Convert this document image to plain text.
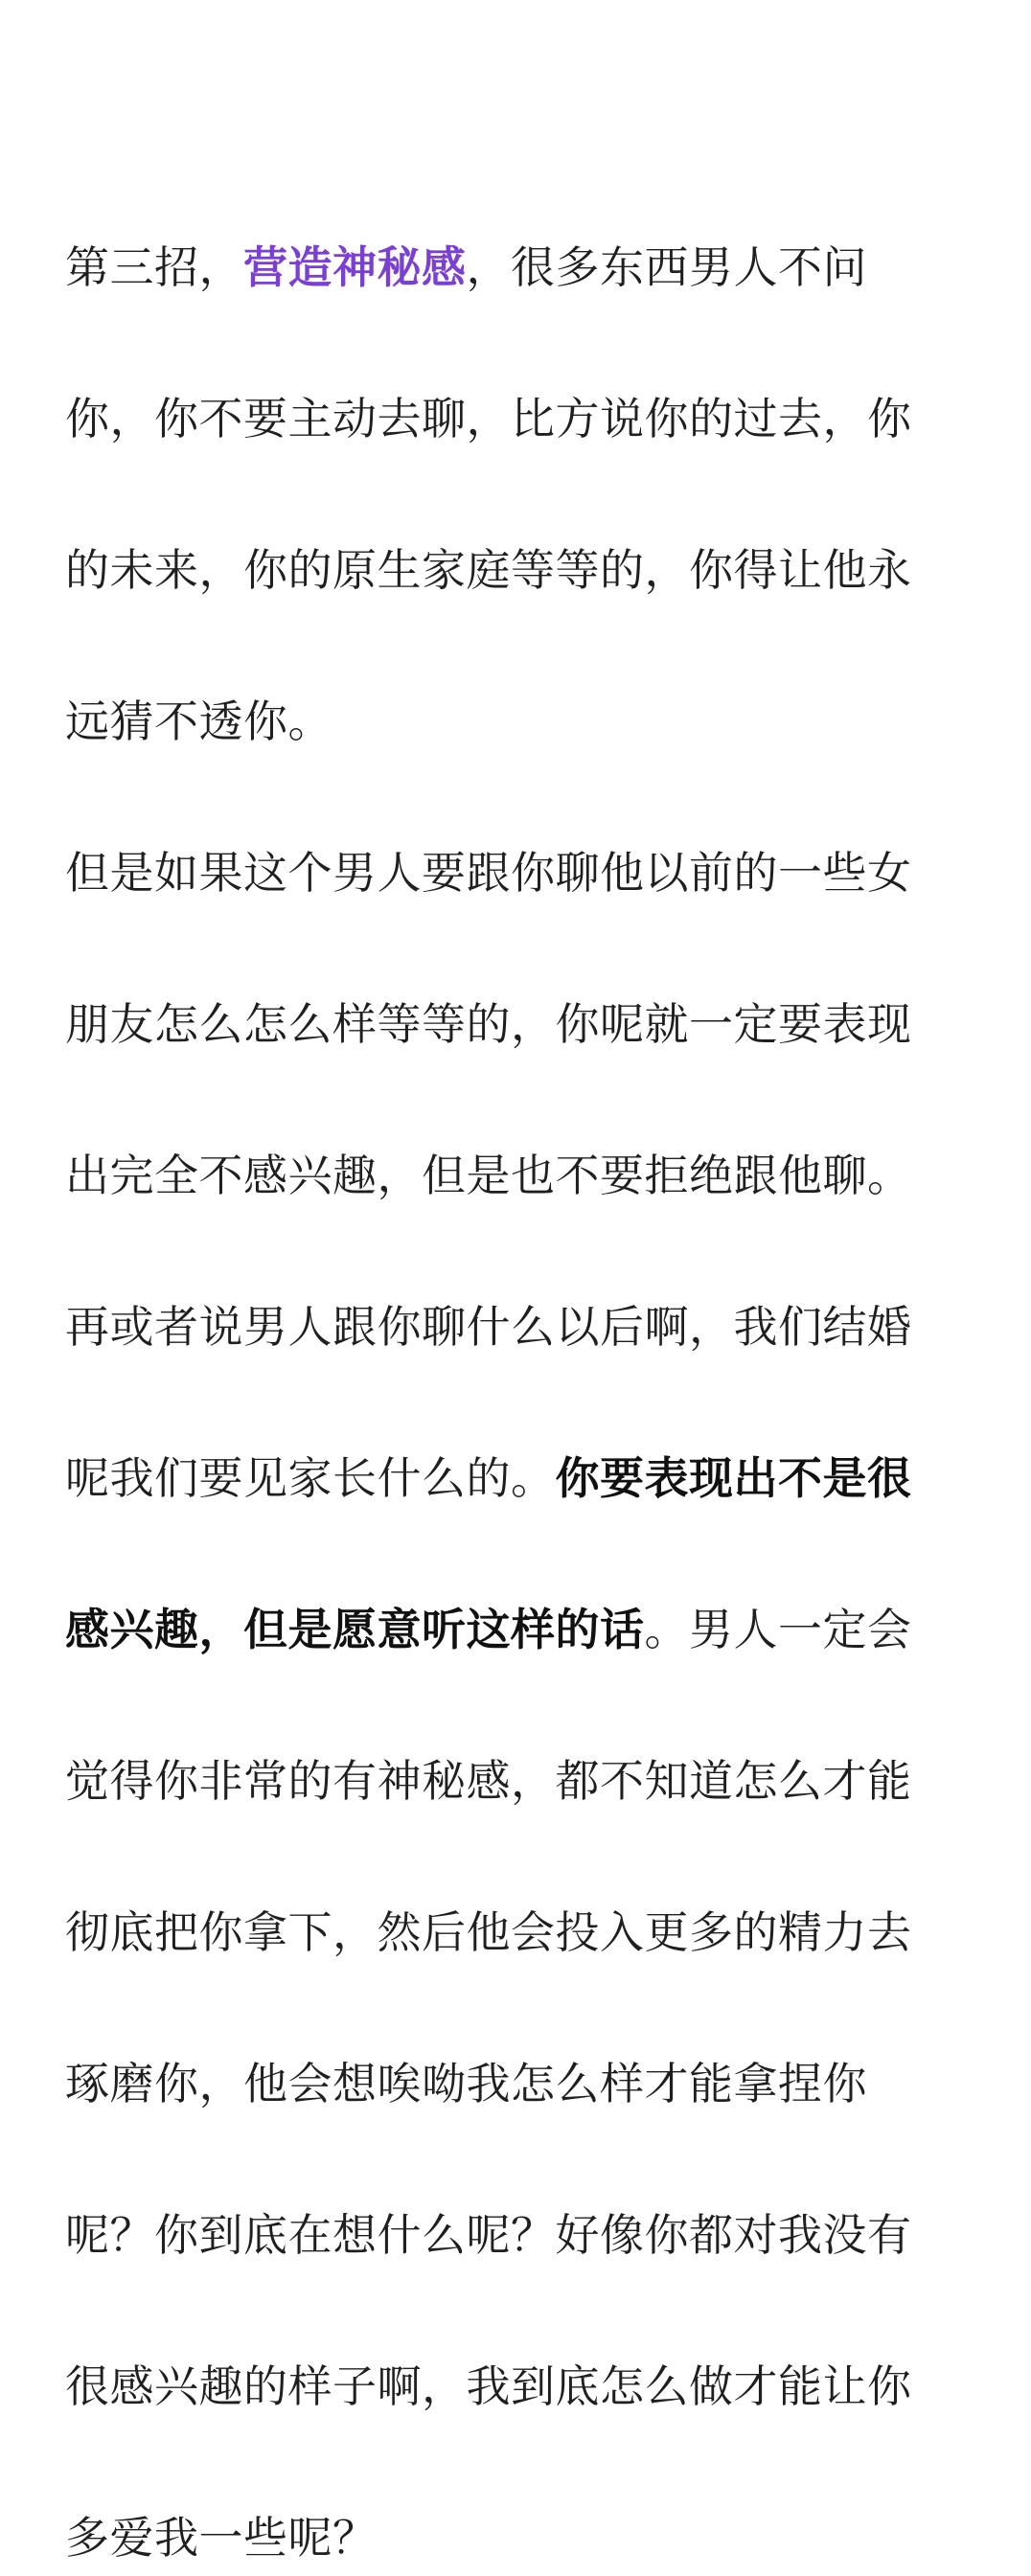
第三招，营造神秘感，很多东西男人不问

你，你不要主动去聊，比方说你的过去，你

的未来，你的原生家庭等等的，你得让他永

远猜不透你。

但是如果这个男人要跟你聊他以前的一些女

朋友怎么怎么样等等的，你呢就一定要表现

出完全不感兴趣，但是也不要拒绝跟他聊。

再或者说男人跟你聊什么以后啊，我们结婚

呢我们要见家长什么的。你要表现出不是很

感兴趣，但是愿意听这样的话。男人一定会

觉得你非常的有神秘感，都不知道怎么才能

彻底把你拿下，然后他会投入更多的精力去

琢磨你，他会想唉呦我怎么样才能拿捏你

呢？你到底在想什么呢？好像你都对我没有

很感兴趣的样子啊，我到底怎么做才能让你

多爱我一些呢？
